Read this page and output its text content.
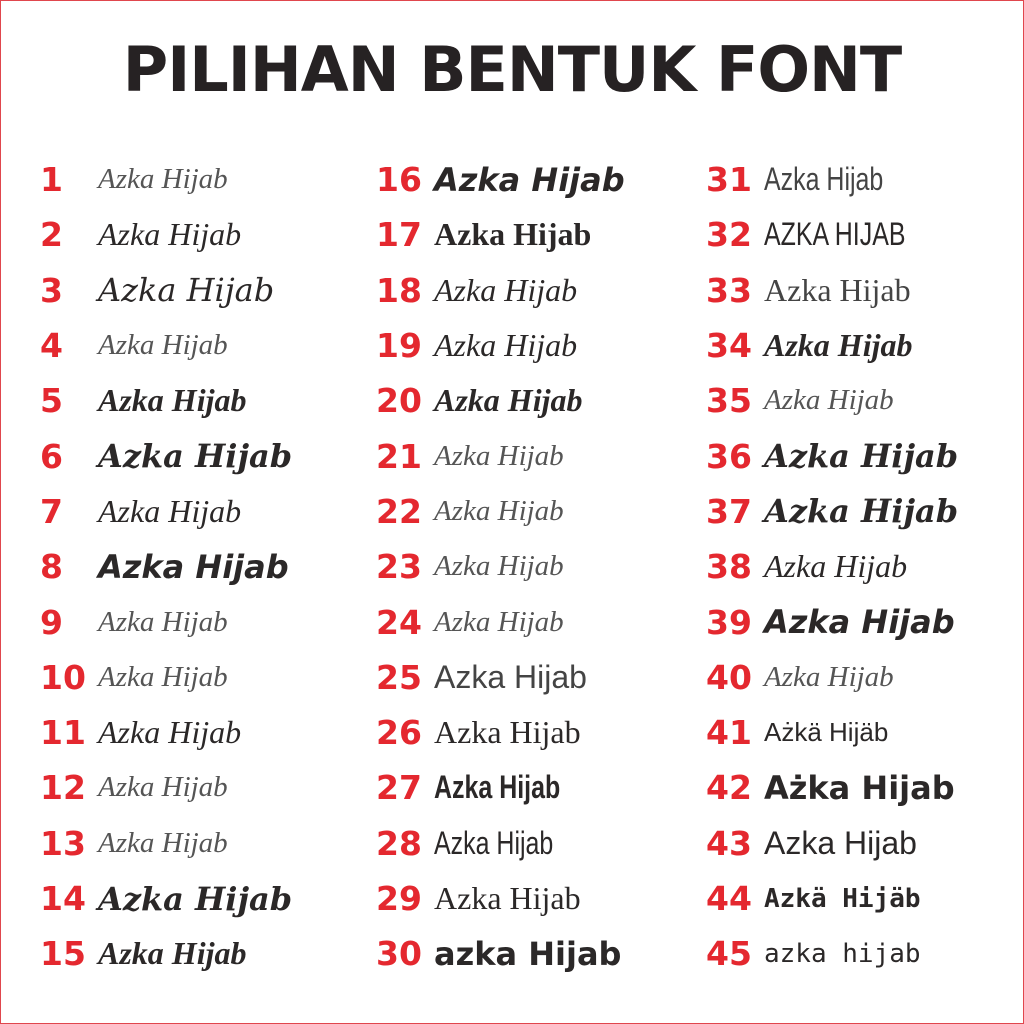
PILIHAN BENTUK FONT
1	Azka Hijab
2	Azka Hijab
3	Azka Hijab
4	Azka Hijab
5	Azka Hijab
6	Azka Hijab
7	Azka Hijab
8	Azka Hijab
9	Azka Hijab
10 Azka Hijab
11 Azka Hijab
12 Azka Hijab
13 Azka Hijab
14 Azka Hijab
15 Azka Hijab
16 Azka Hijab
17 Azka Hijab
18 Azka Hijab
19 Azka Hijab
20 Azka Hijab
21 Azka Hijab
22 Azka Hijab
23 Azka Hijab
24 Azka Hijab
25 Azka Hijab
26 Azka Hijab
27 Azka Hijab
28 Azka Hijab
29 Azka Hijab
30 azka Hijab
31 Azka Hijab
32 AZKA HIJAB
33 Azka Hijab
34 Azka Hijab
35 Azka Hijab
36 Azka Hijab
37 Azka Hijab
38 Azka Hijab
39 Azka Hijab
40 Azka Hijab
41 Ażkä Hijäb
42 Ażka Hijab
43 Azka Hijab
44 Azkä Hijäb
45 azka hijab
